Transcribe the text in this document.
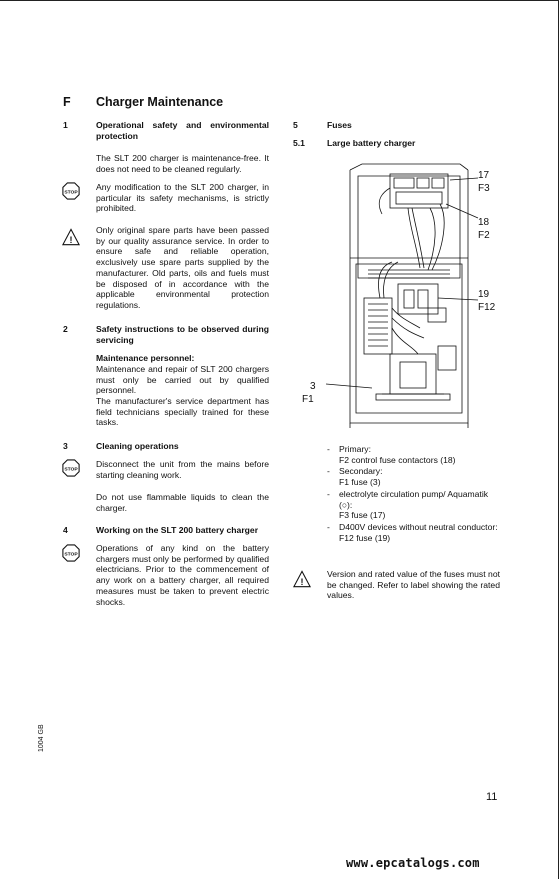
F Charger Maintenance
1	Operational safety and environmental protection
The SLT 200 charger is maintenance-free. It does not need to be cleaned regularly.
STOP
Any modification to the SLT 200 charger, in particular its safety mechanisms, is strictly prohibited.
!
Only original spare parts have been passed by our quality assurance service. In order to ensure safe and reliable operation, exclusively use spare parts supplied by the manufacturer. Old parts, oils and fuels must be disposed of in accordance with the applicable environmental protection regulations.
2	Safety instructions to be observed during servicing
Maintenance personnel:
Maintenance and repair of SLT 200 chargers must only be carried out by qualified personnel.
The manufacturer's service department has field technicians specially trained for these tasks.
3	Cleaning operations
STOP
Disconnect the unit from the mains before starting cleaning work.
Do not use flammable liquids to clean the charger.
4	Working on the SLT 200 battery charger
STOP
Operations of any kind on the battery chargers must only be performed by qualified electricians. Prior to the commencement of any work on a battery charger, all required measures must be taken to prevent electric shocks.
5	Fuses
5.1	Large battery charger
17
F3
18
F2
19
F12
3
F1
- Primary:
F2 control fuse contactors (18)
- Secondary:
F1 fuse (3)
- electrolyte circulation pump/ Aquamatik (○):
F3 fuse (17)
- D400V devices without neutral conductor:
F12 fuse (19)
!
Version and rated value of the fuses must not be changed. Refer to label showing the rated values.
1004 GB
11
www.epcatalogs.com
